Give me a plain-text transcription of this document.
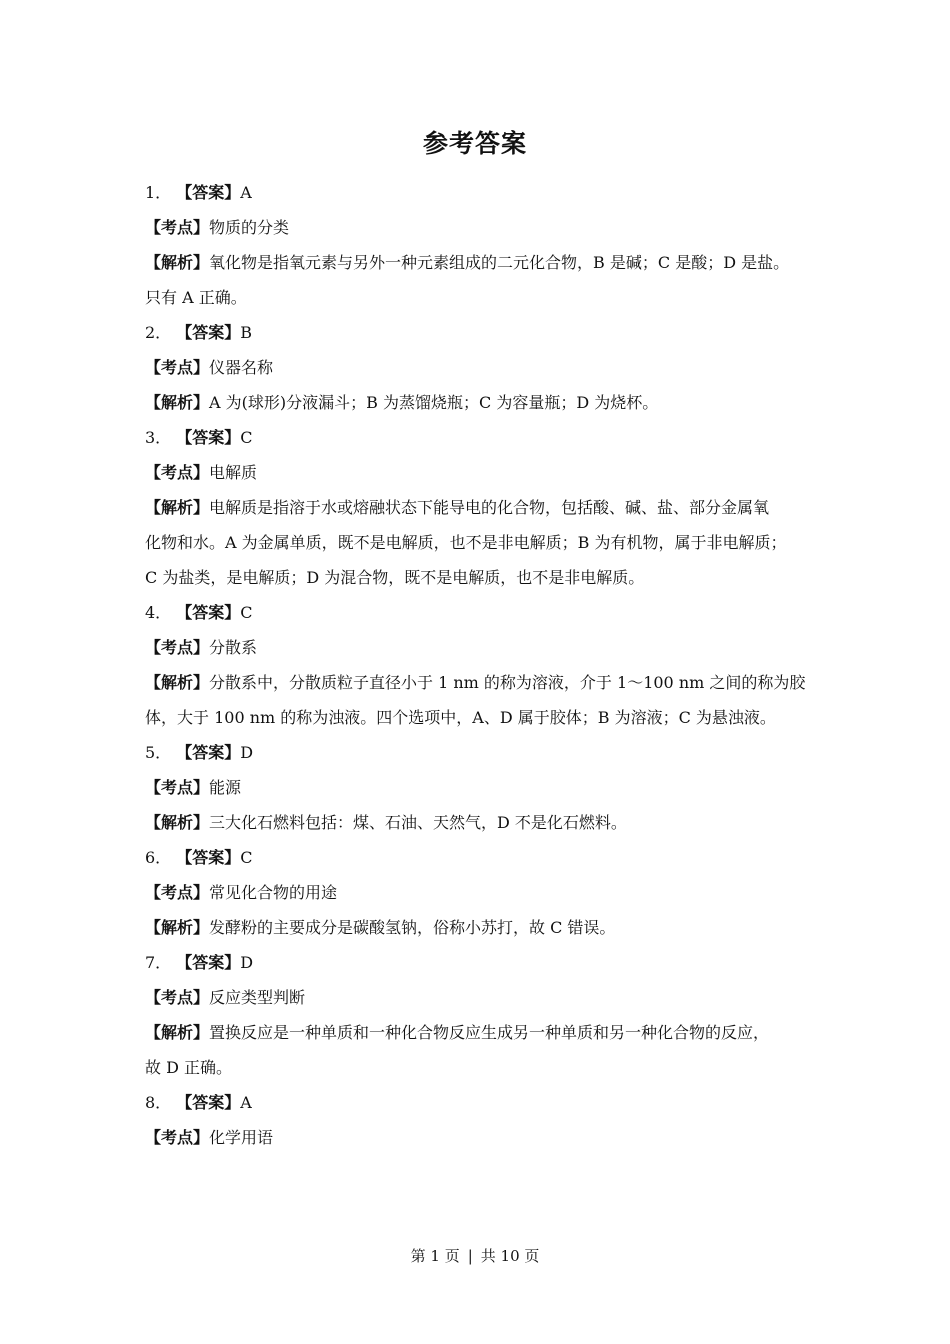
参考答案
1． 【答案】A
【考点】物质的分类
【解析】氧化物是指氧元素与另外一种元素组成的二元化合物，B 是碱；C 是酸；D 是盐。
只有 A 正确。
2． 【答案】B
【考点】仪器名称
【解析】A 为(球形)分液漏斗；B 为蒸馏烧瓶；C 为容量瓶；D 为烧杯。
3． 【答案】C
【考点】电解质
【解析】电解质是指溶于水或熔融状态下能导电的化合物，包括酸、碱、盐、部分金属氧
化物和水。A 为金属单质，既不是电解质，也不是非电解质；B 为有机物，属于非电解质；
C 为盐类，是电解质；D 为混合物，既不是电解质，也不是非电解质。
4． 【答案】C
【考点】分散系
【解析】分散系中，分散质粒子直径小于 1 nm 的称为溶液，介于 1～100 nm 之间的称为胶
体，大于 100 nm 的称为浊液。四个选项中，A、D 属于胶体；B 为溶液；C 为悬浊液。
5． 【答案】D
【考点】能源
【解析】三大化石燃料包括：煤、石油、天然气，D 不是化石燃料。
6． 【答案】C
【考点】常见化合物的用途
【解析】发酵粉的主要成分是碳酸氢钠，俗称小苏打，故 C 错误。
7． 【答案】D
【考点】反应类型判断
【解析】置换反应是一种单质和一种化合物反应生成另一种单质和另一种化合物的反应，
故 D 正确。
8． 【答案】A
【考点】化学用语
第 1 页 | 共 10 页
